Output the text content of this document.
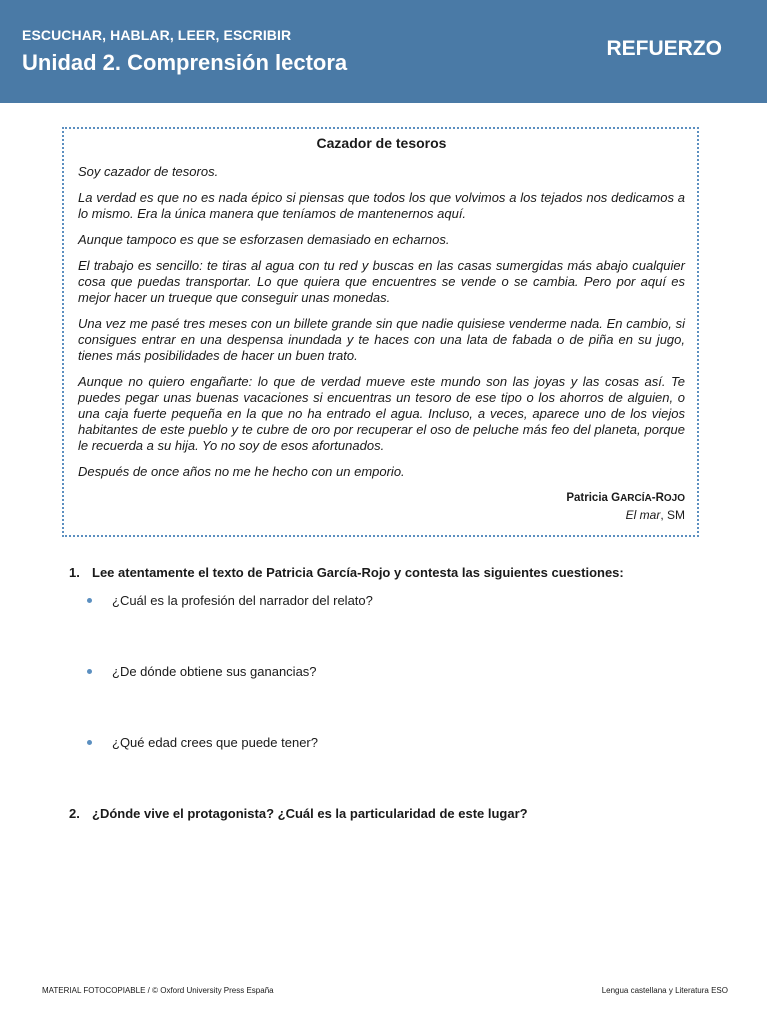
ESCUCHAR, HABLAR, LEER, ESCRIBIR
Unidad 2. Comprensión lectora
REFUERZO
Cazador de tesoros

Soy cazador de tesoros.

La verdad es que no es nada épico si piensas que todos los que volvimos a los tejados nos dedicamos a lo mismo. Era la única manera que teníamos de mantenernos aquí.

Aunque tampoco es que se esforzasen demasiado en echarnos.

El trabajo es sencillo: te tiras al agua con tu red y buscas en las casas sumergidas más abajo cualquier cosa que puedas transportar. Lo que quiera que encuentres se vende o se cambia. Pero por aquí es mejor hacer un trueque que conseguir unas monedas.

Una vez me pasé tres meses con un billete grande sin que nadie quisiese venderme nada. En cambio, si consigues entrar en una despensa inundada y te haces con una lata de fabada o de piña en su jugo, tienes más posibilidades de hacer un buen trato.

Aunque no quiero engañarte: lo que de verdad mueve este mundo son las joyas y las cosas así. Te puedes pegar unas buenas vacaciones si encuentras un tesoro de ese tipo o los ahorros de alguien, o una caja fuerte pequeña en la que no ha entrado el agua. Incluso, a veces, aparece uno de los viejos habitantes de este pueblo y te cubre de oro por recuperar el oso de peluche más feo del planeta, porque le recuerda a su hija. Yo no soy de esos afortunados.

Después de once años no me he hecho con un emporio.

Patricia GARCÍA-ROJO
El mar, SM
1. Lee atentamente el texto de Patricia García-Rojo y contesta las siguientes cuestiones:
¿Cuál es la profesión del narrador del relato?
¿De dónde obtiene sus ganancias?
¿Qué edad crees que puede tener?
2. ¿Dónde vive el protagonista? ¿Cuál es la particularidad de este lugar?
MATERIAL FOTOCOPIABLE / © Oxford University Press España	Lengua castellana y Literatura ESO
